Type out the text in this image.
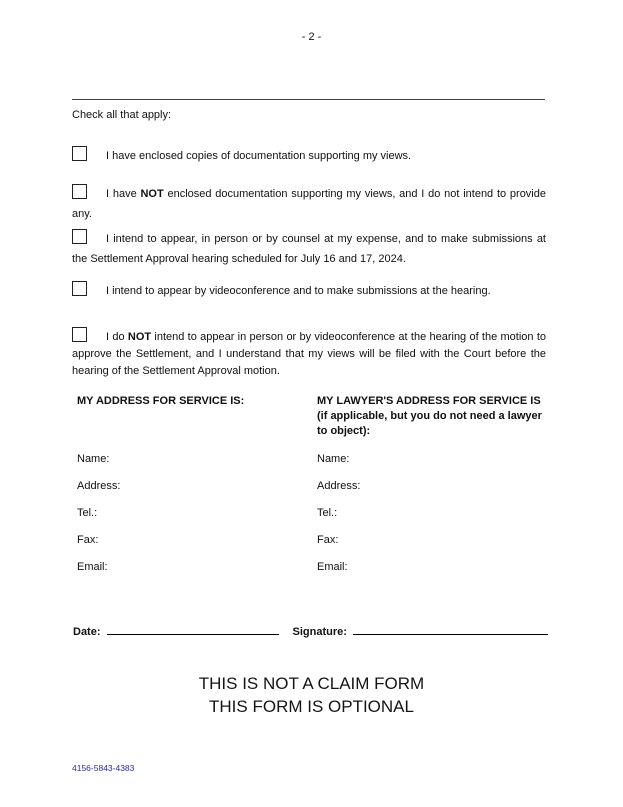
- 2 -
Check all that apply:

I have enclosed copies of documentation supporting my views.

I have NOT enclosed documentation supporting my views, and I do not intend to provide any.

I intend to appear, in person or by counsel at my expense, and to make submissions at the Settlement Approval hearing scheduled for July 16 and 17, 2024.

I intend to appear by videoconference and to make submissions at the hearing.

I do NOT intend to appear in person or by videoconference at the hearing of the motion to approve the Settlement, and I understand that my views will be filed with the Court before the hearing of the Settlement Approval motion.

MY ADDRESS FOR SERVICE IS:
Name:
Address:
Tel.:
Fax:
Email:
MY LAWYER'S ADDRESS FOR SERVICE IS (if applicable, but you do not need a lawyer to object):
Name:
Address:
Tel.:
Fax:
Email:
Date:	Signature:
THIS IS NOT A CLAIM FORM
THIS FORM IS OPTIONAL
4156-5843-4383
